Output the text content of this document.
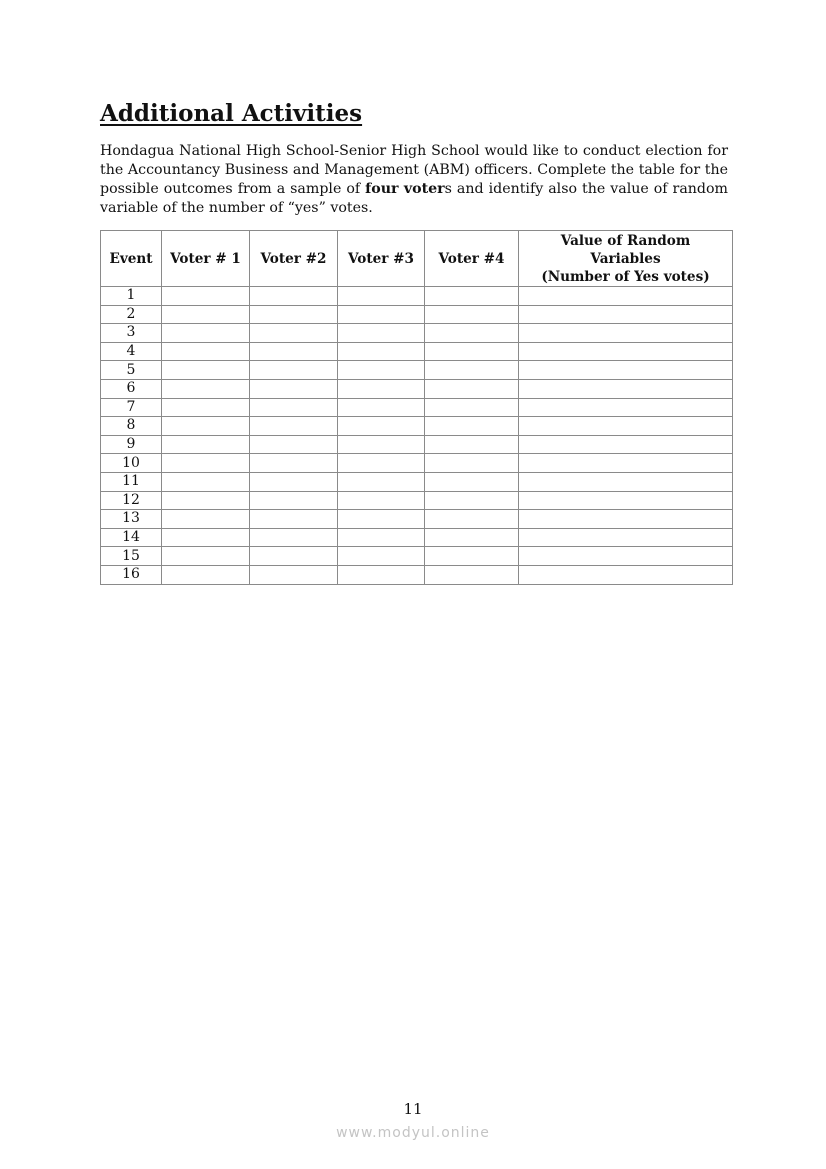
Additional Activities

Hondagua National High School-Senior High School would like to conduct election for the Accountancy Business and Management (ABM) officers. Complete the table for the possible outcomes from a sample of four voters and identify also the value of random variable of the number of “yes” votes.

Event	Voter # 1	Voter #2	Voter #3	Voter #4	Value of Random
Variables
(Number of Yes votes)

1					
2					
3					
4					
5					
6					
7					
8					
9					
10					
11					
12					
13					
14					
15					
16					
11
www.modyul.online
